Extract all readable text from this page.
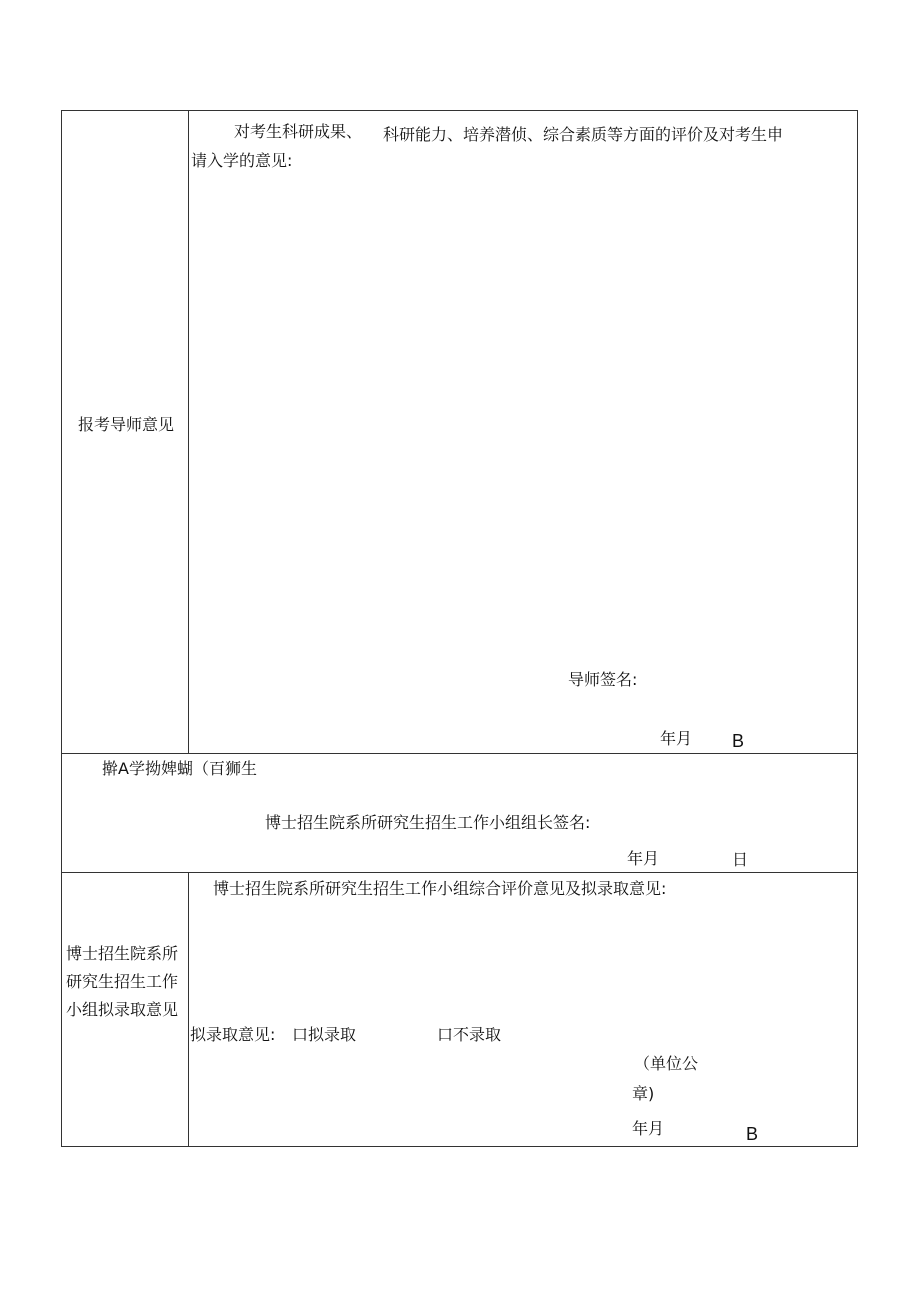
报考导师意见
对考生科研成果、 科研能力、培养潜侦、综合素质等方面的评价及对考生申
请入学的意见:
导师签名:
年月 B
擀A学拗婢蝴（百狮生
博士招生院系所研究生招生工作小组组长签名:
年月	日
博士招生院系所
研究生招生工作
小组拟录取意见
博士招生院系所研究生招生工作小组综合评价意见及拟录取意见:
拟录取意见: 口拟录取	口不录取
（单位公
章)
年月	B
